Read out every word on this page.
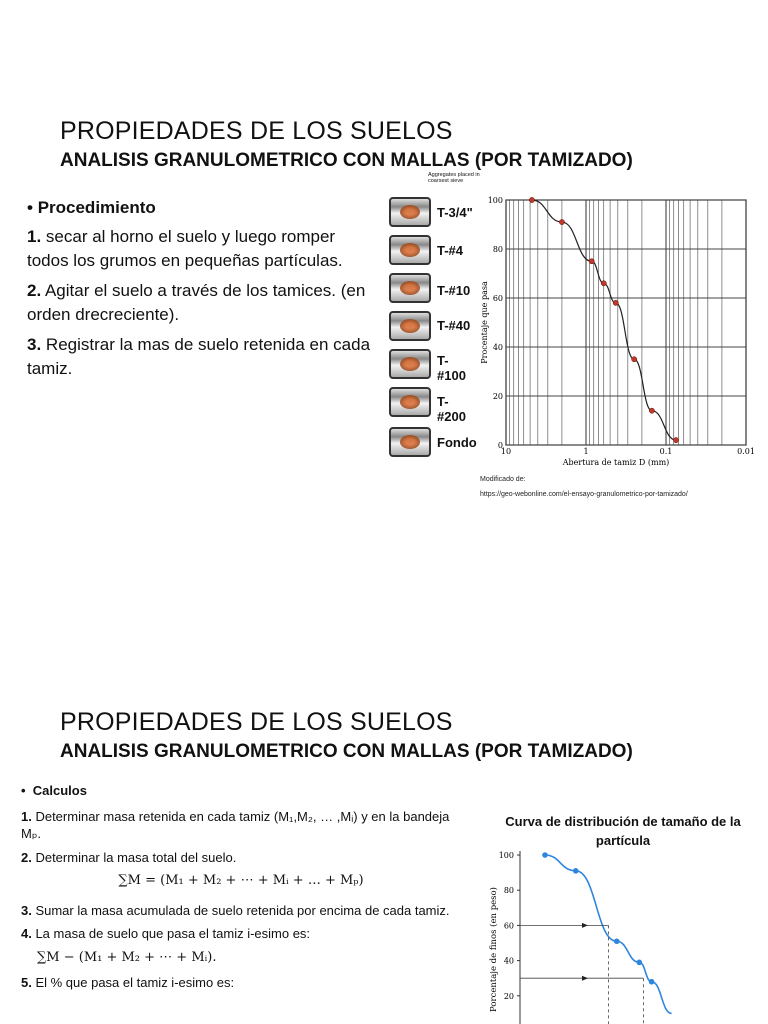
PROPIEDADES DE LOS SUELOS
ANALISIS GRANULOMETRICO CON MALLAS (POR TAMIZADO)
• Procedimiento

1. secar al horno el suelo y luego romper todos los grumos en pequeñas partículas.

2. Agitar el suelo a través de los tamices. (en orden drecreciente).

3. Registrar la mas de suelo retenida en cada tamiz.

Aggregates placed in coarsest sieve
T-3/4"
T-#4
T-#10
T-#40
T-#100
T-#200
Fondo	0
20
40
60
80
100
10	1	0.1	0.01
Abertura de tamiz D (mm)
Procentaje que pasa
Modificado de:
https://geo-webonline.com/el-ensayo-granulometrico-por-tamizado/
PROPIEDADES DE LOS SUELOS
ANALISIS GRANULOMETRICO CON MALLAS (POR TAMIZADO)
•  Calculos

1. Determinar masa retenida en cada tamiz (M₁,M₂, … ,Mᵢ) y en la bandeja Mₚ.

2. Determinar la masa total del suelo.

∑M = (M₁ + M₂ + ⋯ + Mᵢ + … + Mₚ)

3. Sumar la masa acumulada de suelo retenida por encima de cada tamiz.

4. La masa de suelo que pasa el tamiz i-esimo es:

∑M − (M₁ + M₂ + ⋯ + Mᵢ).

5. El % que pasa el tamiz i-esimo es:

Curva de distribución de tamaño de la
partícula
20
40
60
80
100
Porcentaje de finos (en peso)
